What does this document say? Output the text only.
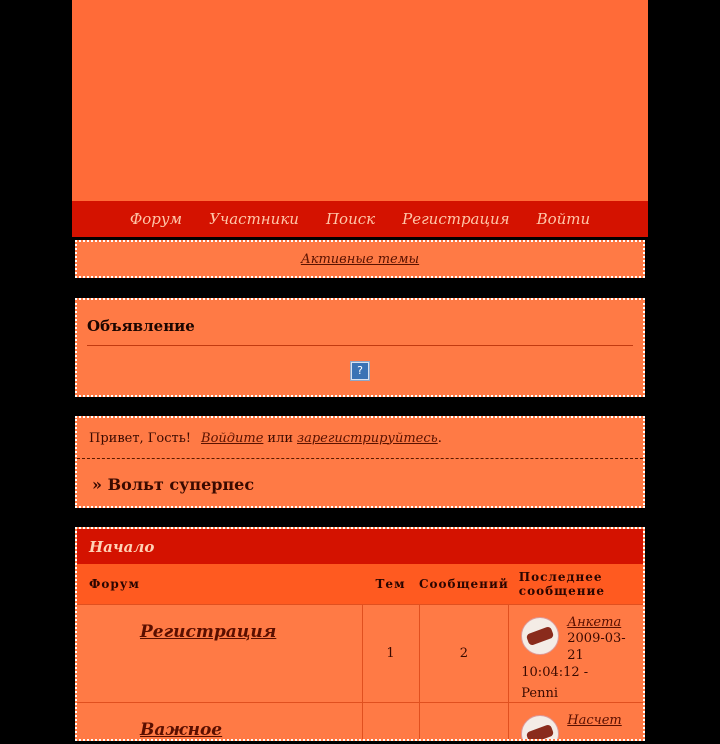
Форум Участники Поиск Регистрация Войти
Активные темы
Объявление
?
Привет, Гость! Войдите или зарегистрируйтесь .
» Вольт суперпес
Начало
Форум	Тем	Сообщений	Последнее сообщение

Регистрация	1	2	Анкета
2009-03-21 10:04:12 -
Penni

Важное			Насчет
